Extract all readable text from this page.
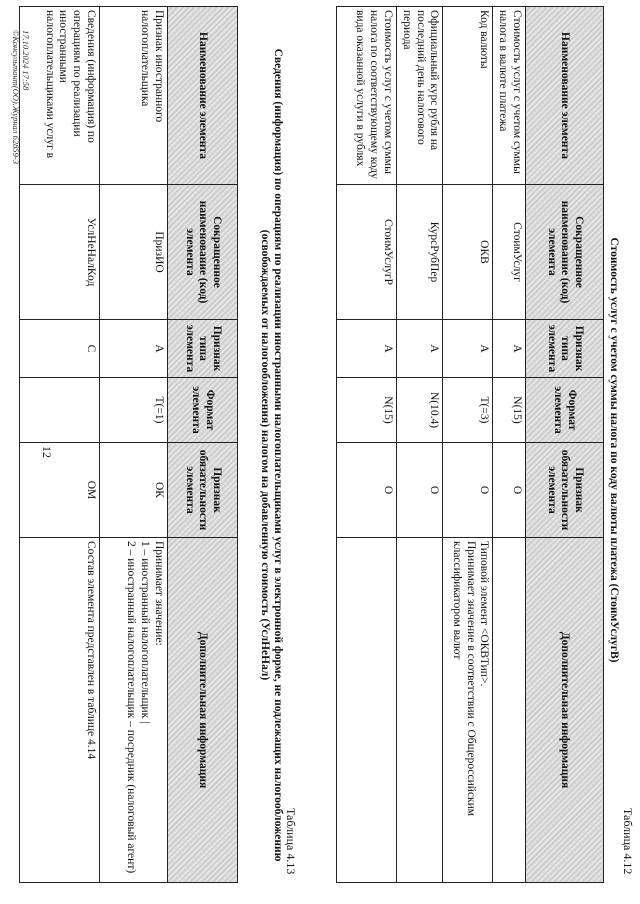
12
Таблица 4.12
Стоимость услуг с учетом суммы налога по коду валюты платежа (СтоимУслугВ)
Наименование элемента	Сокращенное наименование (код) элемента	Признак типа элемента	Формат элемента	Признак обязательности элемента	Дополнительная информация
Стоимость услуг с учетом суммы налога в валюте платежа	СтоимУслуг	А	N(15)	О	
Код валюты	ОКВ	А	T(=3)	О	Типовой элемент <ОКВТип>.
Принимает значение в соответствии с Общероссийским классификатором валют
Официальный курс рубля на последний день налогового периода	КурсРубПер	А	N(10.4)	О	
Стоимость услуг с учетом суммы налога по соответствующему коду вида оказанной услуги в рублях	СтоимУслугР	А	N(15)	О	
Таблица 4.13
Сведения (информация) по операциям по реализации иностранными налогоплательщиками услуг в электронной форме, не подлежащих налогообложению (освобождаемых от налогообложения) налогом на добавленную стоимость (УслНеНал)
Наименование элемента	Сокращенное наименование (код) элемента	Признак типа элемента	Формат элемента	Признак обязательности элемента	Дополнительная информация
Признак иностранного налогоплательщика	ПризИО	А	T(=1)	ОК	Принимает значение:
1 – иностранный налогоплательщик |
2 – иностранный налогоплательщик – посредник (налоговый агент)
Сведения (информация) по операциям по реализации иностранными налогоплательщиками услуг в	УслНеНалКод	С		ОМ	Состав элемента представлен в таблице 4.14
17.10.2024 17:58
©Консультант(ОО).Журнал 62859-3
